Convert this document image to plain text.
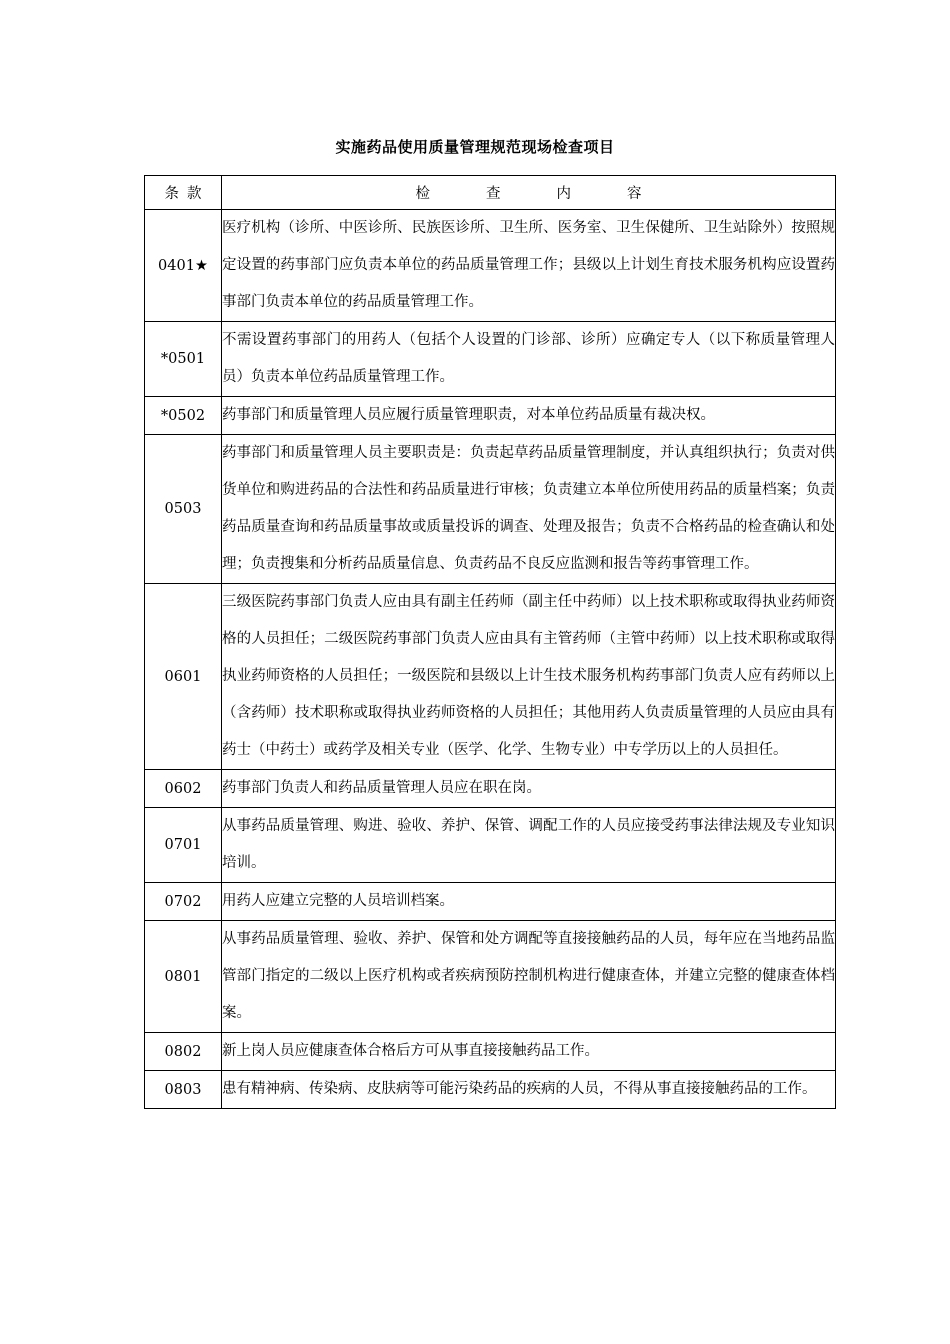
实施药品使用质量管理规范现场检查项目
条 款	检 查 内 容
0401★	医疗机构（诊所、中医诊所、民族医诊所、卫生所、医务室、卫生保健所、卫生站除外）按照规定设置的药事部门应负责本单位的药品质量管理工作；县级以上计划生育技术服务机构应设置药事部门负责本单位的药品质量管理工作。
*0501	不需设置药事部门的用药人（包括个人设置的门诊部、诊所）应确定专人（以下称质量管理人员）负责本单位药品质量管理工作。
*0502	药事部门和质量管理人员应履行质量管理职责，对本单位药品质量有裁决权。
0503	药事部门和质量管理人员主要职责是：负责起草药品质量管理制度，并认真组织执行；负责对供货单位和购进药品的合法性和药品质量进行审核；负责建立本单位所使用药品的质量档案；负责药品质量查询和药品质量事故或质量投诉的调查、处理及报告；负责不合格药品的检查确认和处理；负责搜集和分析药品质量信息、负责药品不良反应监测和报告等药事管理工作。
0601	三级医院药事部门负责人应由具有副主任药师（副主任中药师）以上技术职称或取得执业药师资格的人员担任；二级医院药事部门负责人应由具有主管药师（主管中药师）以上技术职称或取得执业药师资格的人员担任；一级医院和县级以上计生技术服务机构药事部门负责人应有药师以上（含药师）技术职称或取得执业药师资格的人员担任；其他用药人负责质量管理的人员应由具有药士（中药士）或药学及相关专业（医学、化学、生物专业）中专学历以上的人员担任。
0602	药事部门负责人和药品质量管理人员应在职在岗。
0701	从事药品质量管理、购进、验收、养护、保管、调配工作的人员应接受药事法律法规及专业知识培训。
0702	用药人应建立完整的人员培训档案。
0801	从事药品质量管理、验收、养护、保管和处方调配等直接接触药品的人员，每年应在当地药品监管部门指定的二级以上医疗机构或者疾病预防控制机构进行健康查体，并建立完整的健康查体档案。
0802	新上岗人员应健康查体合格后方可从事直接接触药品工作。
0803	患有精神病、传染病、皮肤病等可能污染药品的疾病的人员，不得从事直接接触药品的工作。
